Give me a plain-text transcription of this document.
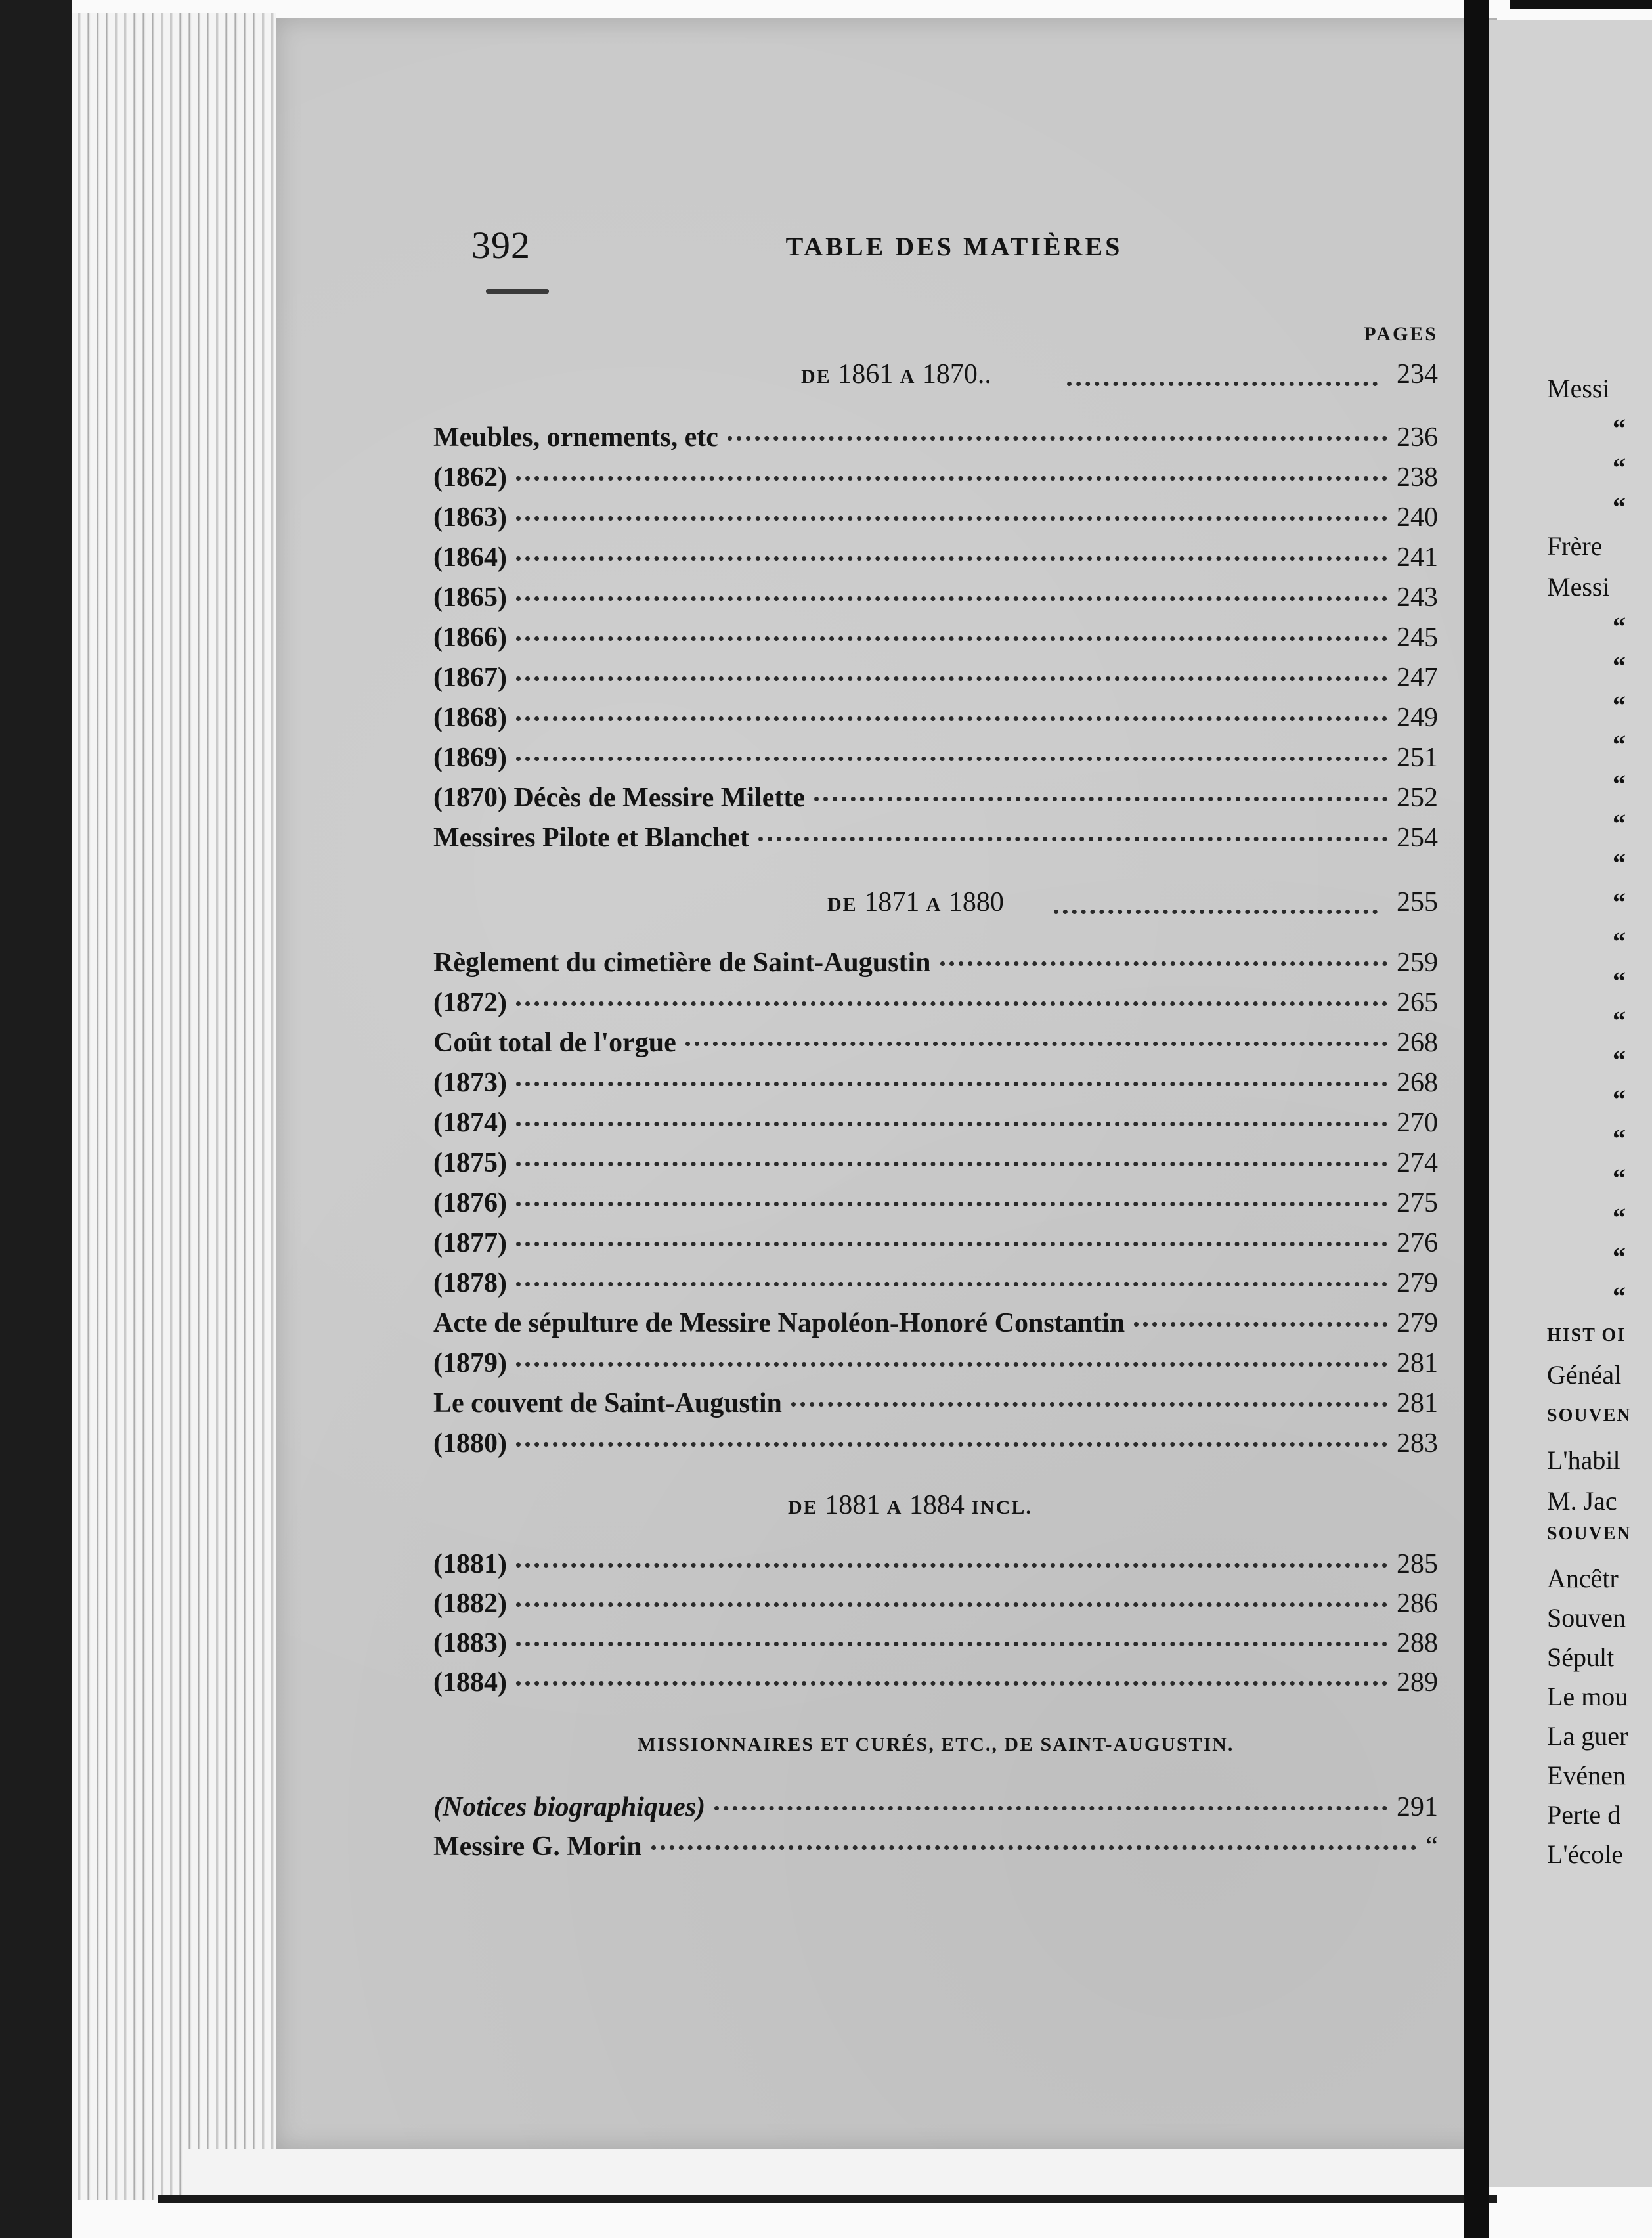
392	TABLE DES MATIÈRES
PAGES
DE 1861 A 1870..	234
Meubles, ornements, etc	236
(1862)	238
(1863)	240
(1864)	241
(1865)	243
(1866)	245
(1867)	247
(1868)	249
(1869)	251
(1870) Décès de Messire Milette	252
Messires Pilote et Blanchet	254
DE 1871 A 1880	255
Règlement du cimetière de Saint-Augustin	259
(1872)	265
Coût total de l'orgue	268
(1873)	268
(1874)	270
(1875)	274
(1876)	275
(1877)	276
(1878)	279
Acte de sépulture de Messire Napoléon-Honoré Constantin	279
(1879)	281
Le couvent de Saint-Augustin	281
(1880)	283
DE 1881 A 1884 INCL.
(1881)	285
(1882)	286
(1883)	288
(1884)	289
MISSIONNAIRES ET CURÉS, ETC., DE SAINT-AUGUSTIN.
(Notices biographiques)	291
Messire G. Morin	“
Messi
“
“
“
Frère
Messi
“
“
“
“
“
“
“
“
“
“
“
“
“
“
“
“
“
“
HIST OI
Généal
SOUVEN
L'habil
M. Jac
SOUVEN
Ancêtr
Souven
Sépult
Le mou
La guer
Evénen
Perte d
L'école
